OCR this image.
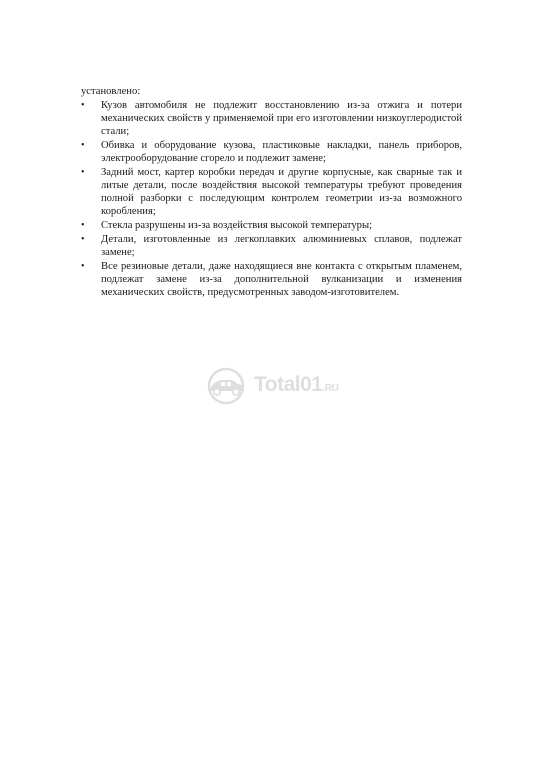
установлено:

• Кузов автомобиля не подлежит восстановлению из-за отжига и потери механических свойств у применяемой при его изготовлении низкоуглеродистой стали;
• Обивка и оборудование кузова, пластиковые накладки, панель приборов, электрооборудование сгорело и подлежит замене;
• Задний мост, картер коробки передач и другие корпусные, как сварные так и литые детали, после воздействия высокой температуры требуют проведения полной разборки с последующим контролем геометрии из-за возможного коробления;
• Стекла разрушены из-за воздействия высокой температуры;
• Детали, изготовленные из легкоплавких алюминиевых сплавов, подлежат замене;
• Все резиновые детали, даже находящиеся вне контакта с открытым пламенем, подлежат замене из-за дополнительной вулканизации и изменения механических свойств, предусмотренных заводом-изготовителем.
Total01.RU
